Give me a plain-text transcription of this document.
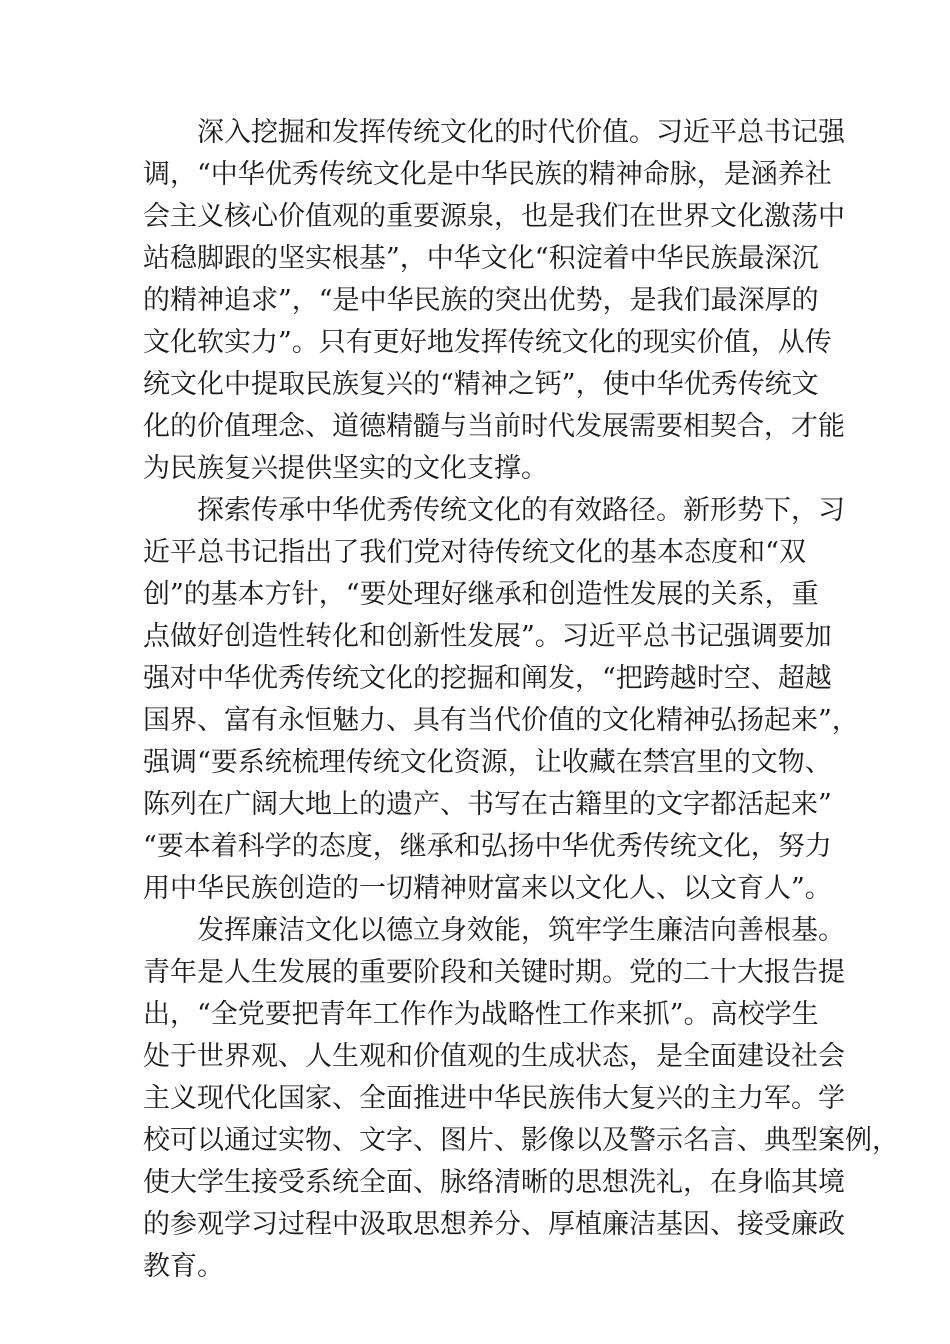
深入挖掘和发挥传统文化的时代价值。习近平总书记强

调，“中华优秀传统文化是中华民族的精神命脉，是涵养社

会主义核心价值观的重要源泉，也是我们在世界文化激荡中

站稳脚跟的坚实根基”，中华文化“积淀着中华民族最深沉

的精神追求”，“是中华民族的突出优势，是我们最深厚的

文化软实力”。只有更好地发挥传统文化的现实价值，从传

统文化中提取民族复兴的“精神之钙”，使中华优秀传统文

化的价值理念、道德精髓与当前时代发展需要相契合，才能

为民族复兴提供坚实的文化支撑。

探索传承中华优秀传统文化的有效路径。新形势下，习

近平总书记指出了我们党对待传统文化的基本态度和“双

创”的基本方针，“要处理好继承和创造性发展的关系，重

点做好创造性转化和创新性发展”。习近平总书记强调要加

强对中华优秀传统文化的挖掘和阐发，“把跨越时空、超越

国界、富有永恒魅力、具有当代价值的文化精神弘扬起来”，

强调“要系统梳理传统文化资源，让收藏在禁宫里的文物、

陈列在广阔大地上的遗产、书写在古籍里的文字都活起来”

“要本着科学的态度，继承和弘扬中华优秀传统文化，努力

用中华民族创造的一切精神财富来以文化人、以文育人”。

发挥廉洁文化以德立身效能，筑牢学生廉洁向善根基。

青年是人生发展的重要阶段和关键时期。党的二十大报告提

出，“全党要把青年工作作为战略性工作来抓”。高校学生

处于世界观、人生观和价值观的生成状态，是全面建设社会

主义现代化国家、全面推进中华民族伟大复兴的主力军。学

校可以通过实物、文字、图片、影像以及警示名言、典型案例，

使大学生接受系统全面、脉络清晰的思想洗礼，在身临其境

的参观学习过程中汲取思想养分、厚植廉洁基因、接受廉政

教育。
